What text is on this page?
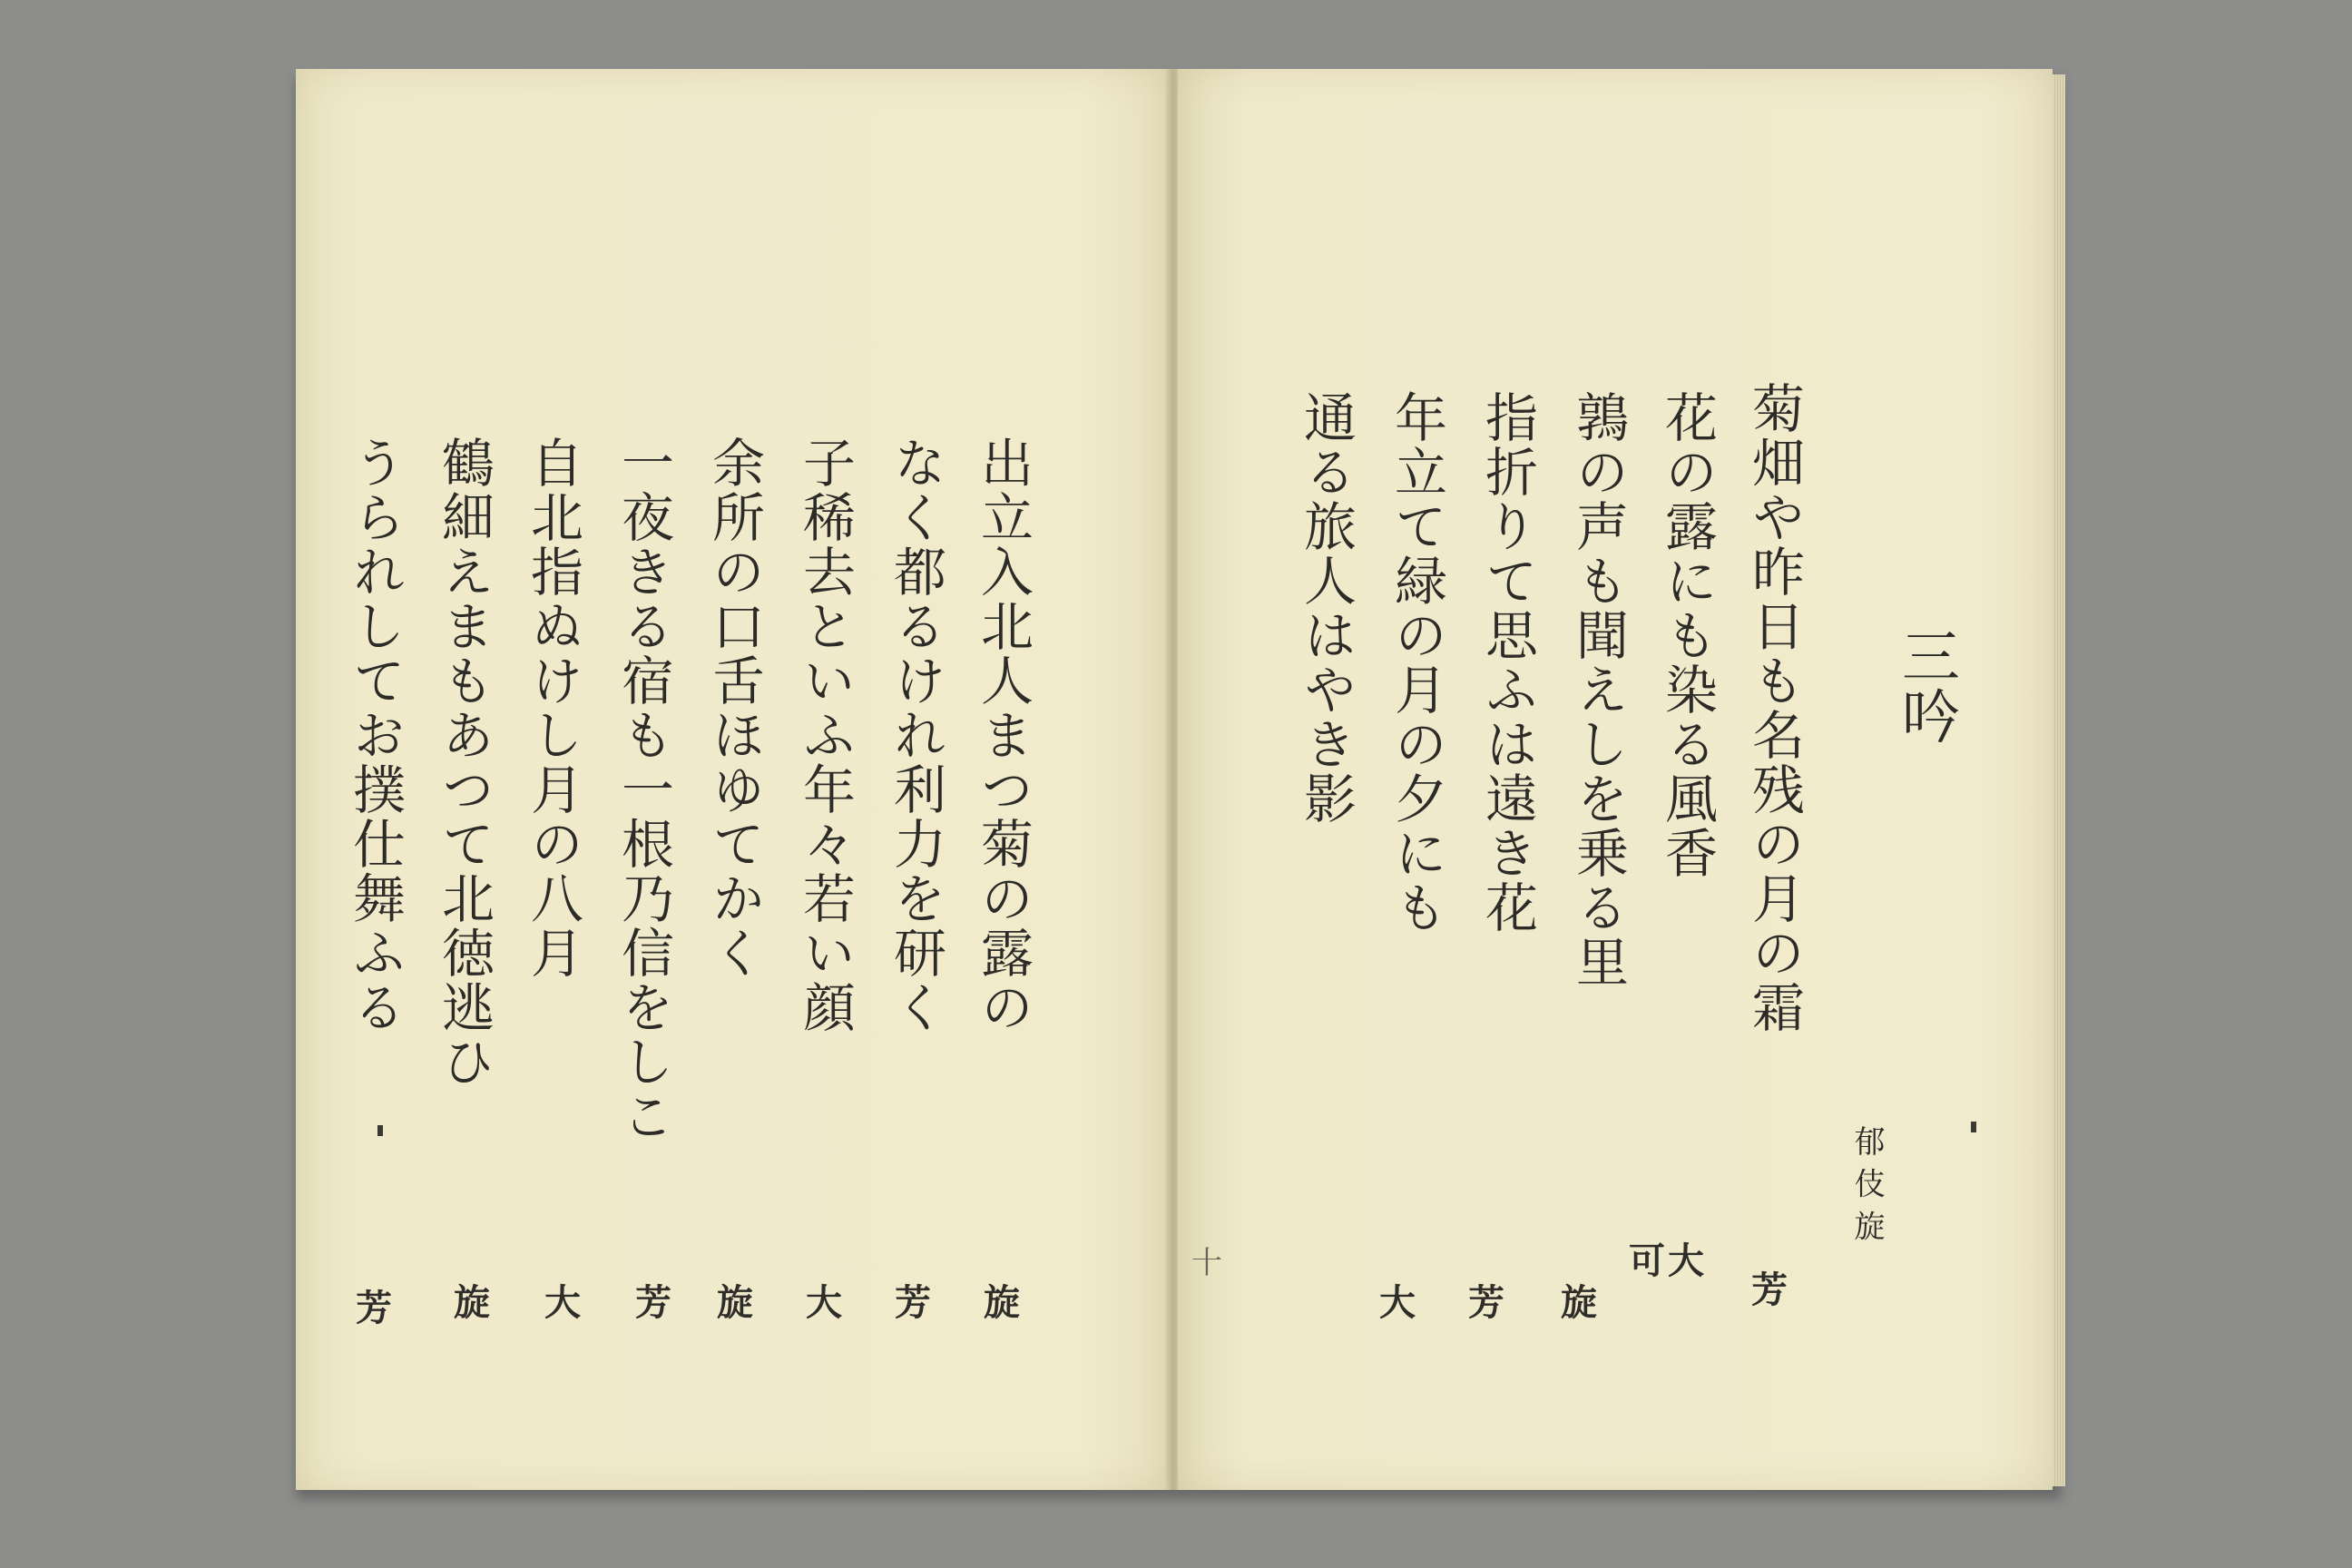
三吟
郁 伎 旋
菊畑や昨日も名残の月の霜
花の露にも染る風香
鶉の声も聞えしを乗る里
指折りて思ふは遠き花
年立て緑の月の夕にも
通る旅人はやき影
芳
大
可
旋
芳
大
十
出立入北人まつ菊の露の
なく都るけれ利力を研く
子稀去といふ年々若い顔
余所の口舌ほゆてかく
一夜きる宿も一根乃信をしこ
自北指ぬけし月の八月
鶴細えまもあつて北徳逃ひ
うられしてお撲仕舞ふる
旋
芳
大
旋
芳
大
旋
芳
